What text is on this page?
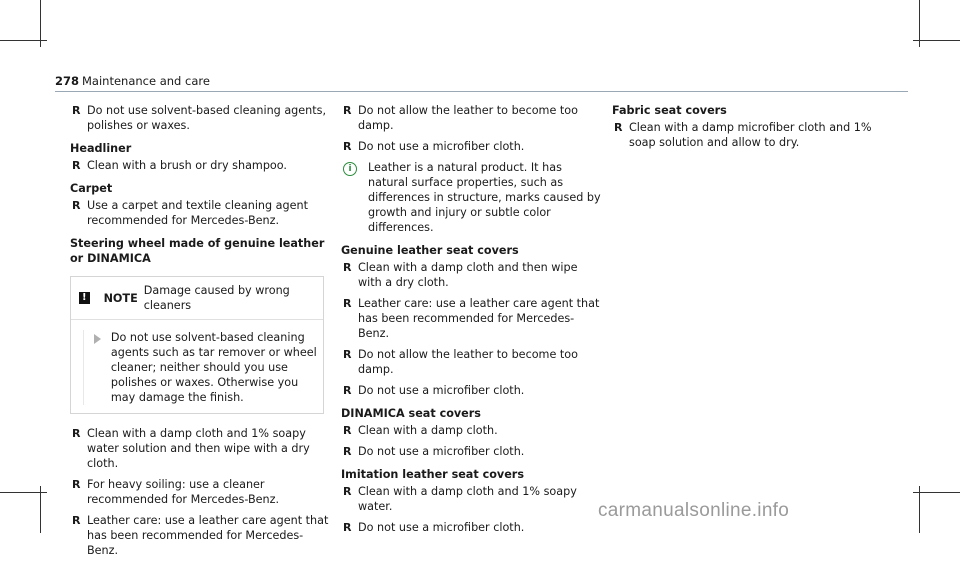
278 Maintenance and care
R Do not use solvent-based cleaning agents, polishes or waxes.
Headliner
R Clean with a brush or dry shampoo.
Carpet
R Use a carpet and textile cleaning agent recommended for Mercedes-Benz.
Steering wheel made of genuine leather or DINAMICA
! NOTE
Damage caused by wrong cleaners
Do not use solvent-based cleaning agents such as tar remover or wheel cleaner; neither should you use polishes or waxes. Otherwise you may damage the finish.
R Clean with a damp cloth and 1% soapy water solution and then wipe with a dry cloth.
R For heavy soiling: use a cleaner recommended for Mercedes-Benz.
R Leather care: use a leather care agent that has been recommended for Mercedes-Benz.
R Do not allow the leather to become too damp.
R Do not use a microfiber cloth.
i	Leather is a natural product. It has natural surface properties, such as differences in structure, marks caused by growth and injury or subtle color differences.
Genuine leather seat covers
R Clean with a damp cloth and then wipe with a dry cloth.
R Leather care: use a leather care agent that has been recommended for Mercedes-Benz.
R Do not allow the leather to become too damp.
R Do not use a microfiber cloth.
DINAMICA seat covers
R Clean with a damp cloth.
R Do not use a microfiber cloth.
Imitation leather seat covers
R Clean with a damp cloth and 1% soapy water.
R Do not use a microfiber cloth.
Fabric seat covers
R Clean with a damp microfiber cloth and 1% soap solution and allow to dry.
carmanualsonline.info
